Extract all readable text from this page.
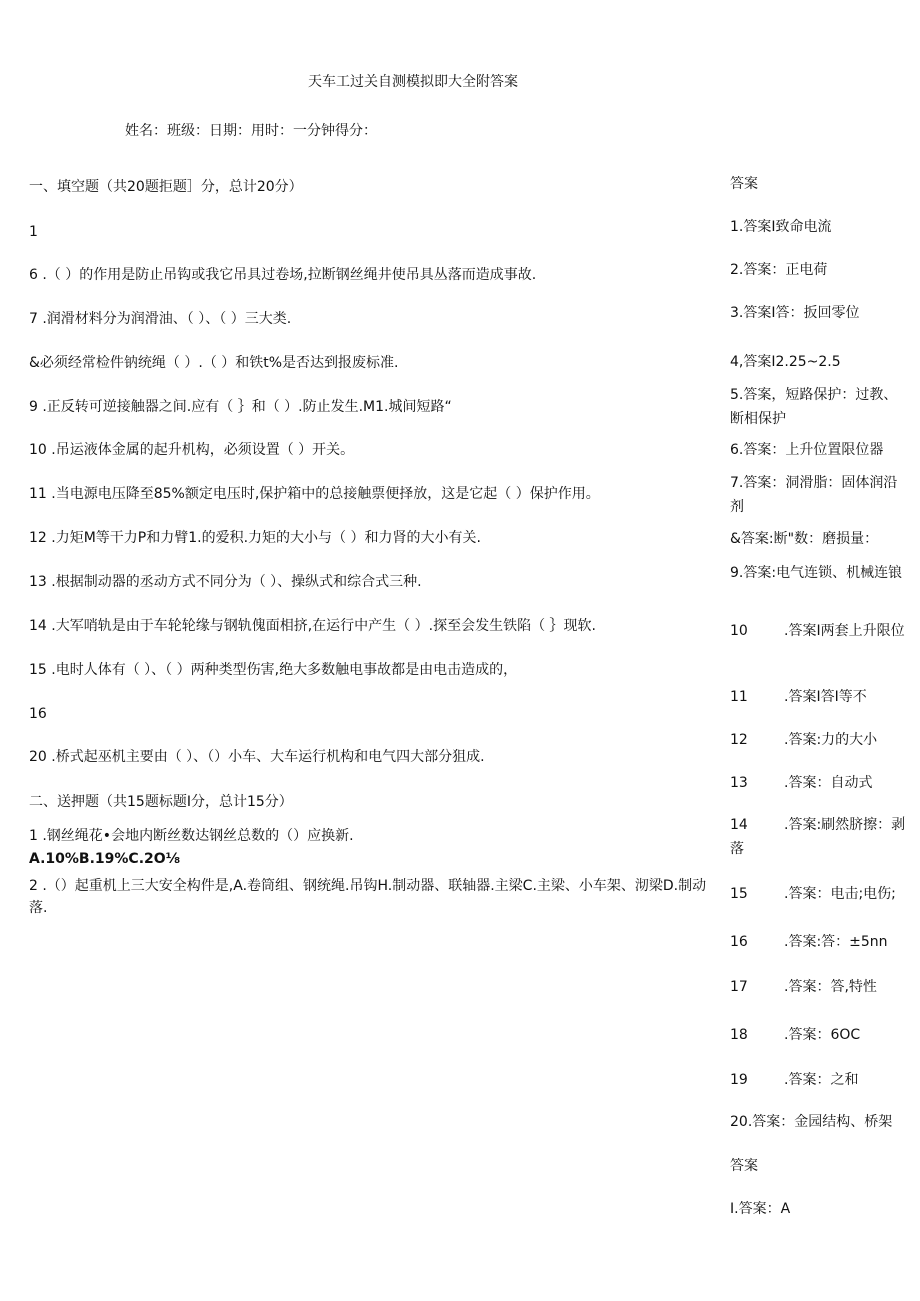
天车工过关自测模拟即大全附答案
姓名：班级：日期：用时：一分钟得分：
一、填空题（共20题拒题］分，总计20分）
1
6 .（ ）的作用是防止吊钩或我它吊具过卷场,拉断钢丝绳井使吊具丛落而造成事故.
7 .润滑材料分为润滑油、（ ）、（ ）三大类.
&必须经常检件钠统绳（ ）.（ ）和铁t%是否达到报废标准.
9 .正反转可逆接触器之间.应有（ ｝和（ ）.防止发生.M1.城间短路“
10 .吊运液体金属的起升机构，必须设置（ ）开关。
11 .当电源电压降至85%额定电压时,保护箱中的总接触票便择放，这是它起（ ）保护作用。
12 .力矩M等干力P和力臂1.的爱积.力矩的大小与（ ）和力肾的大小有关.
13 .根据制动器的丞动方式不同分为（ ）、操纵式和综合式三种.
14 .大军哨轨是由于车轮轮缘与钢轨傀面相挤,在运行中产生（ ）.探至会发生铁陷（ ｝现软.
15 .电时人体有（ ）、（ ）两种类型伤害,绝大多数触电事故都是由电击造成的，
16
20 .桥式起巫机主要由（ ）、（）小车、大车运行机构和电气四大部分狙成.
二、送押题（共15题标题I分，总计15分）
1 .钢丝绳花•会地内断丝数达钢丝总数的（）应换新.
A.10%B.19%C.2O⅛
2 .（）起重机上三大安全构件是,A.卷筒组、钢统绳.吊钩H.制动器、联轴器.主梁C.主梁、小车架、沏梁D.制动落.
答案
1.答案I致命电流
2.答案：正电荷
3.答案I答：扳回零位
4,答案I2.25~2.5
5.答案，短路保护：过教、断相保护
6.答案：上升位置限位器
7.答案：洞滑脂：固体润沿剂
&答案:断"数：磨损量：
9.答案:电气连锁、机械连锒
10	.答案I两套上升限位
11	.答案I答I等不
12	.答案:力的大小
13	.答案：自动式
14	.答案:刷然脐擦：剥落
15	.答案：电击;电伤;
16	.答案:答：±5nn
17	.答案：答,特性
18	.答案：6OC
19	.答案：之和
20.答案：金园结构、桥架
答案
I.答案：A
